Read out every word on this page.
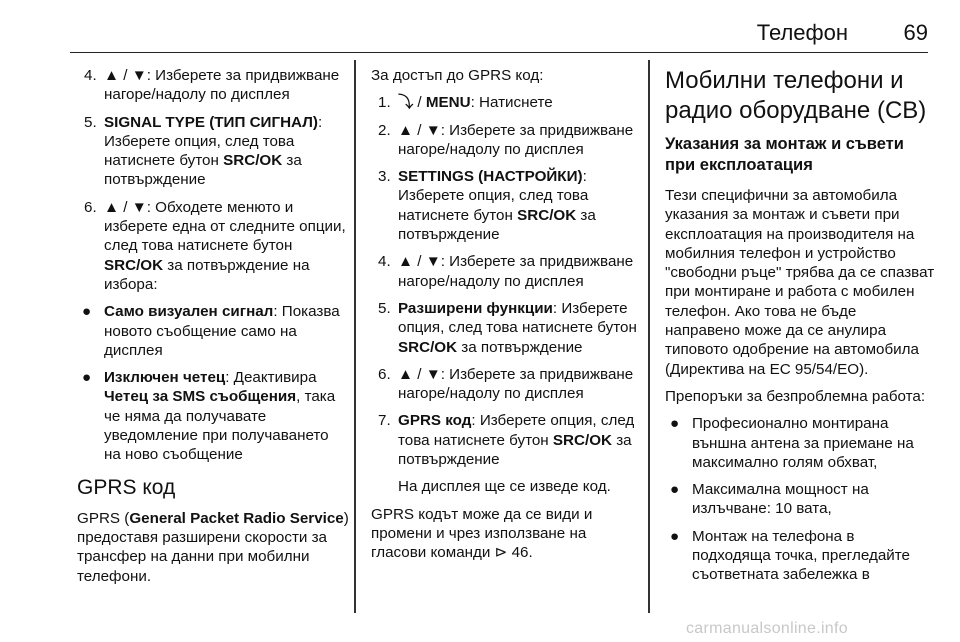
Телефон	69
4. ▲ / ▼: Изберете за придвижване нагоре/надолу по дисплея
5. SIGNAL TYPE (ТИП СИГНАЛ): Изберете опция, след това натиснете бутон SRC/OK за потвърждение
6. ▲ / ▼: Обходете менюто и изберете една от следните опции, след това натиснете бутон SRC/OK за потвърждение на избора:
● Само визуален сигнал: Показва новото съобщение само на дисплея
● Изключен четец: Деактивира Четец за SMS съобщения, така че няма да получавате уведомление при получаването на ново съобщение
GPRS код

GPRS (General Packet Radio Service) предоставя разширени скорости за трансфер на данни при мобилни телефони.

За достъп до GPRS код:

1. ⤵ / MENU: Натиснете
2. ▲ / ▼: Изберете за придвижване нагоре/надолу по дисплея
3. SETTINGS (НАСТРОЙКИ): Изберете опция, след това натиснете бутон SRC/OK за потвърждение
4. ▲ / ▼: Изберете за придвижване нагоре/надолу по дисплея
5. Разширени функции: Изберете опция, след това натиснете бутон SRC/OK за потвърждение
6. ▲ / ▼: Изберете за придвижване нагоре/надолу по дисплея
7. GPRS код: Изберете опция, след това натиснете бутон SRC/OK за потвърждение

На дисплея ще се изведе код.

GPRS кодът може да се види и промени и чрез използване на гласови команди ⊳ 46.

Мобилни телефони и радио оборудване (CB)
Указания за монтаж и съвети при експлоатация

Тези специфични за автомобила указания за монтаж и съвети при експлоатация на производителя на мобилния телефон и устройство "свободни ръце" трябва да се спазват при монтиране и работа с мобилен телефон. Ако това не бъде направено може да се анулира типовото одобрение на автомобила (Директива на ЕС 95/54/ЕО).

Препоръки за безпроблемна работа:

● Професионално монтирана външна антена за приемане на максимално голям обхват,
● Максимална мощност на излъчване: 10 вата,
● Монтаж на телефона в подходяща точка, прегледайте съответната забележка в
carmanualsonline.info
